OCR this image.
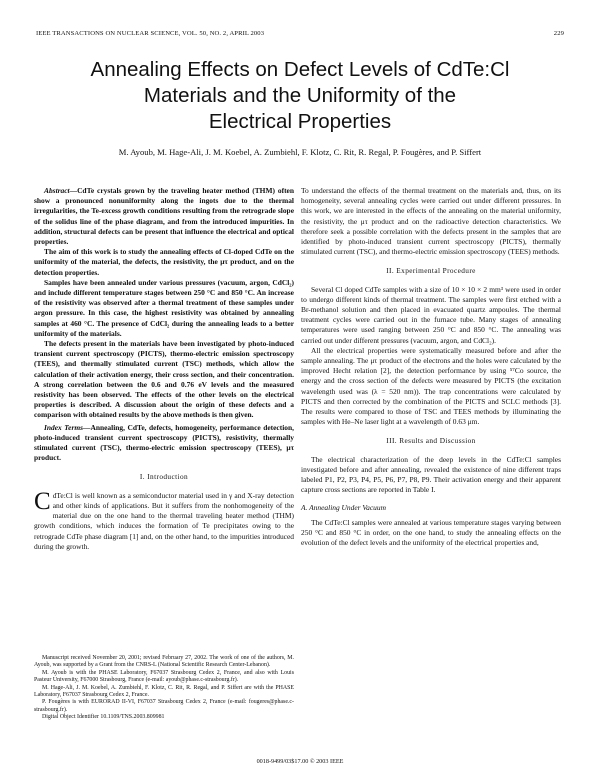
IEEE TRANSACTIONS ON NUCLEAR SCIENCE, VOL. 50, NO. 2, APRIL 2003	229
Annealing Effects on Defect Levels of CdTe:Cl
Materials and the Uniformity of the
Electrical Properties
M. Ayoub, M. Hage-Ali, J. M. Koebel, A. Zumbiehl, F. Klotz, C. Rit, R. Regal, P. Fougères, and P. Siffert

Abstract—CdTe crystals grown by the traveling heater method (THM) often show a pronounced nonuniformity along the ingots due to the thermal irregularities, the Te-excess growth conditions resulting from the retrograde slope of the solidus line of the phase diagram, and from the introduced impurities. In addition, structural defects can be present that influence the electrical and optical properties.

The aim of this work is to study the annealing effects of Cl-doped CdTe on the uniformity of the material, the defects, the resistivity, the μτ product, and on the detection properties.

Samples have been annealed under various pressures (vacuum, argon, CdCl₂) and include different temperature stages between 250 °C and 850 °C. An increase of the resistivity was observed after a thermal treatment of these samples under argon pressure. In this case, the highest resistivity was obtained by annealing samples at 460 °C. The presence of CdCl₂ during the annealing leads to a better uniformity of the materials.

The defects present in the materials have been investigated by photo-induced transient current spectroscopy (PICTS), thermo-electric emission spectroscopy (TEES), and thermally stimulated current (TSC) methods, which allow the calculation of their activation energy, their cross section, and their concentration. A strong correlation between the 0.6 and 0.76 eV levels and the measured resistivity has been observed. The effects of the other levels on the electrical properties is described. A discussion about the origin of these defects and a comparison with obtained results by the above methods is then given.

Index Terms—Annealing, CdTe, defects, homogeneity, performance detection, photo-induced transient current spectroscopy (PICTS), resistivity, thermally stimulated current (TSC), thermo-electric emission spectroscopy (TEES), μτ product.
I. Introduction
C dTe:Cl is well known as a semiconductor material used in γ and X-ray detection and other kinds of applications. But it suffers from the nonhomogeneity of the material due on the one hand to the thermal traveling heater method (THM) growth conditions, which induces the formation of Te precipitates owing to the retrograde CdTe phase diagram [1] and, on the other hand, to the impurities introduced during the growth.

Manuscript received November 20, 2001; revised February 27, 2002. The work of one of the authors, M. Ayoub, was supported by a Grant from the CNRS-L (National Scientific Research Center-Lebanon).

M. Ayoub is with the PHASE Laboratory, F67037 Strasbourg Cedex 2, France, and also with Louis Pasteur University, F67000 Strasbourg, France (e-mail: ayoub@phase.c-strasbourg.fr).

M. Hage-Ali, J. M. Koebel, A. Zumbiehl, F. Klotz, C. Rit, R. Regal, and P. Siffert are with the PHASE Laboratory, F67037 Strasbourg Cedex 2, France.

P. Fougères is with EURORAD II-VI, F67037 Strasbourg Cedex 2, France (e-mail: fougeres@phase.c-strasbourg.fr).

Digital Object Identifier 10.1109/TNS.2003.809981

To understand the effects of the thermal treatment on the materials and, thus, on its homogeneity, several annealing cycles were carried out under different pressures. In this work, we are interested in the effects of the annealing on the material uniformity, the resistivity, the μτ product and on the radioactive detection characteristics. We therefore seek a possible correlation with the defects present in the samples that are identified by photo-induced transient current spectroscopy (PICTS), thermally stimulated current (TSC), and thermo-electric emission spectroscopy (TEES) methods.

II. Experimental Procedure

Several Cl doped CdTe samples with a size of 10 × 10 × 2 mm³ were used in order to undergo different kinds of thermal treatment. The samples were first etched with a Br-methanol solution and then placed in evacuated quartz ampoules. The thermal treatment cycles were carried out in the furnace tube. Many stages of annealing temperatures were used ranging between 250 °C and 850 °C. The annealing was carried out under different pressures (vacuum, argon, and CdCl₂).

All the electrical properties were systematically measured before and after the sample annealing. The μτ product of the electrons and the holes were calculated by the improved Hecht relation [2], the detection performance by using ⁵⁷Co source, the energy and the cross section of the defects were measured by PICTS (the excitation wavelength used was (λ = 520 nm)). The trap concentrations were calculated by PICTS and then corrected by the combination of the PICTS and SCLC methods [3]. The results were compared to those of TSC and TEES methods by illuminating the samples with He–Ne laser light at a wavelength of 0.63 μm.

III. Results and Discussion

The electrical characterization of the deep levels in the CdTe:Cl samples investigated before and after annealing, revealed the existence of nine different traps labeled P1, P2, P3, P4, P5, P6, P7, P8, P9. Their activation energy and their apparent capture cross sections are reported in Table I.

A. Annealing Under Vacuum

The CdTe:Cl samples were annealed at various temperature stages varying between 250 °C and 850 °C in order, on the one hand, to study the annealing effects on the evolution of the defect levels and the uniformity of the electrical properties and,

0018-9499/03$17.00 © 2003 IEEE
